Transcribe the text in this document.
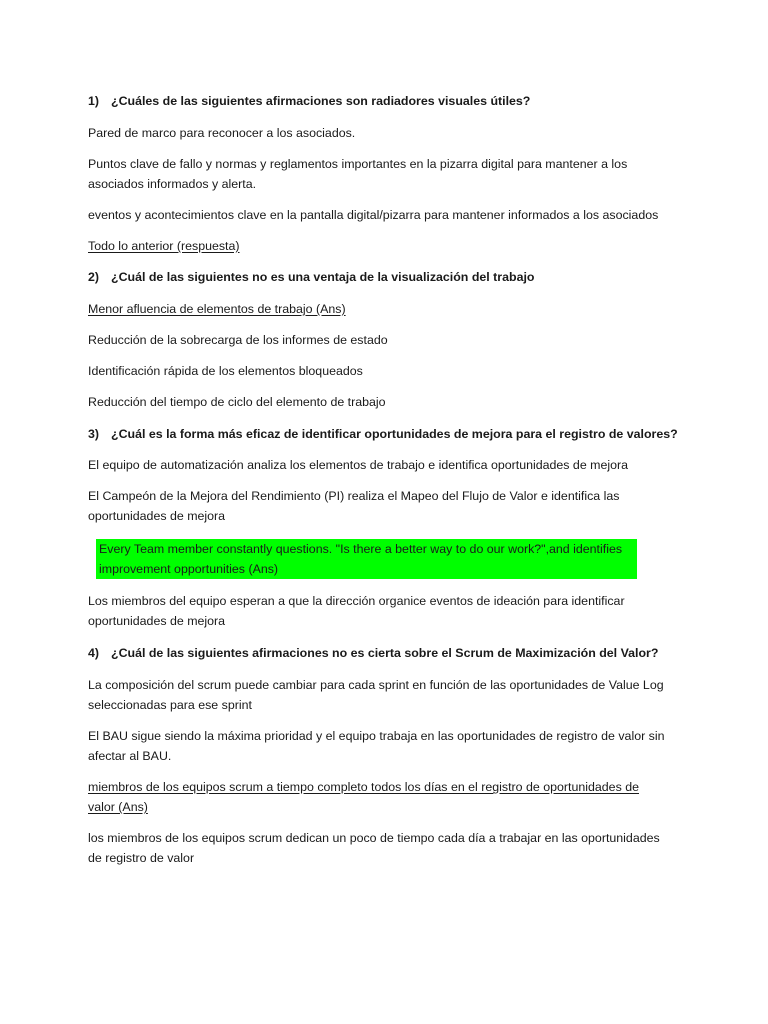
1) ¿Cuáles de las siguientes afirmaciones son radiadores visuales útiles?

Pared de marco para reconocer a los asociados.

Puntos clave de fallo y normas y reglamentos importantes en la pizarra digital para mantener a los

asociados informados y alerta.

eventos y acontecimientos clave en la pantalla digital/pizarra para mantener informados a los asociados

Todo lo anterior (respuesta)

2) ¿Cuál de las siguientes no es una ventaja de la visualización del trabajo

Menor afluencia de elementos de trabajo (Ans)

Reducción de la sobrecarga de los informes de estado

Identificación rápida de los elementos bloqueados

Reducción del tiempo de ciclo del elemento de trabajo

3) ¿Cuál es la forma más eficaz de identificar oportunidades de mejora para el registro de valores?

El equipo de automatización analiza los elementos de trabajo e identifica oportunidades de mejora

El Campeón de la Mejora del Rendimiento (PI) realiza el Mapeo del Flujo de Valor e identifica las

oportunidades de mejora

Every Team member constantly questions. "Is there a better way to do our work?",and identifies

improvement opportunities (Ans)

Los miembros del equipo esperan a que la dirección organice eventos de ideación para identificar

oportunidades de mejora

4) ¿Cuál de las siguientes afirmaciones no es cierta sobre el Scrum de Maximización del Valor?

La composición del scrum puede cambiar para cada sprint en función de las oportunidades de Value Log

seleccionadas para ese sprint

El BAU sigue siendo la máxima prioridad y el equipo trabaja en las oportunidades de registro de valor sin

afectar al BAU.

miembros de los equipos scrum a tiempo completo todos los días en el registro de oportunidades de

valor (Ans)

los miembros de los equipos scrum dedican un poco de tiempo cada día a trabajar en las oportunidades

de registro de valor
